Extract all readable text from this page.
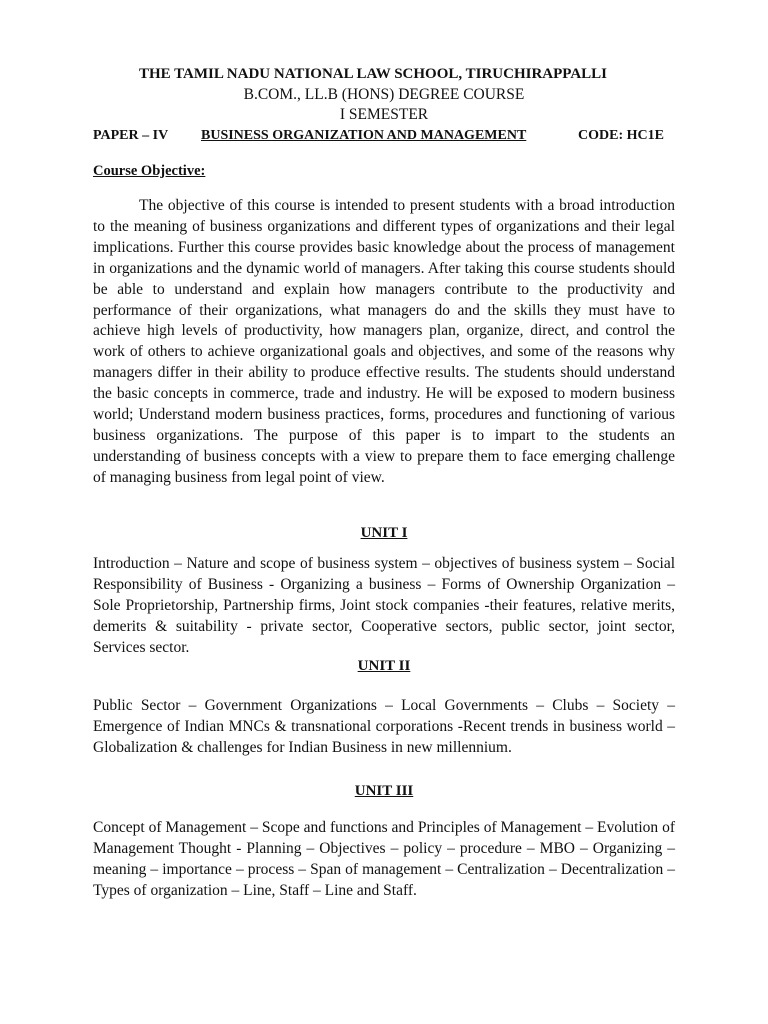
THE TAMIL NADU NATIONAL LAW SCHOOL, TIRUCHIRAPPALLI
B.COM., LL.B (HONS) DEGREE COURSE
I SEMESTER
PAPER – IV BUSINESS ORGANIZATION AND MANAGEMENT	CODE: HC1E
Course Objective:
The objective of this course is intended to present students with a broad introduction to the meaning of business organizations and different types of organizations and their legal implications. Further this course provides basic knowledge about the process of management in organizations and the dynamic world of managers. After taking this course students should be able to understand and explain how managers contribute to the productivity and performance of their organizations, what managers do and the skills they must have to achieve high levels of productivity, how managers plan, organize, direct, and control the work of others to achieve organizational goals and objectives, and some of the reasons why managers differ in their ability to produce effective results. The students should understand the basic concepts in commerce, trade and industry. He will be exposed to modern business world; Understand modern business practices, forms, procedures and functioning of various business organizations. The purpose of this paper is to impart to the students an understanding of business concepts with a view to prepare them to face emerging challenge of managing business from legal point of view.
UNIT I
Introduction – Nature and scope of business system – objectives of business system – Social Responsibility of Business - Organizing a business – Forms of Ownership Organization – Sole Proprietorship, Partnership firms, Joint stock companies -their features, relative merits, demerits & suitability - private sector, Cooperative sectors, public sector, joint sector, Services sector.
UNIT II
Public Sector – Government Organizations – Local Governments – Clubs – Society – Emergence of Indian MNCs & transnational corporations -Recent trends in business world – Globalization & challenges for Indian Business in new millennium.
UNIT III
Concept of Management – Scope and functions and Principles of Management – Evolution of Management Thought - Planning – Objectives – policy – procedure – MBO – Organizing – meaning – importance – process – Span of management – Centralization – Decentralization – Types of organization – Line, Staff – Line and Staff.
